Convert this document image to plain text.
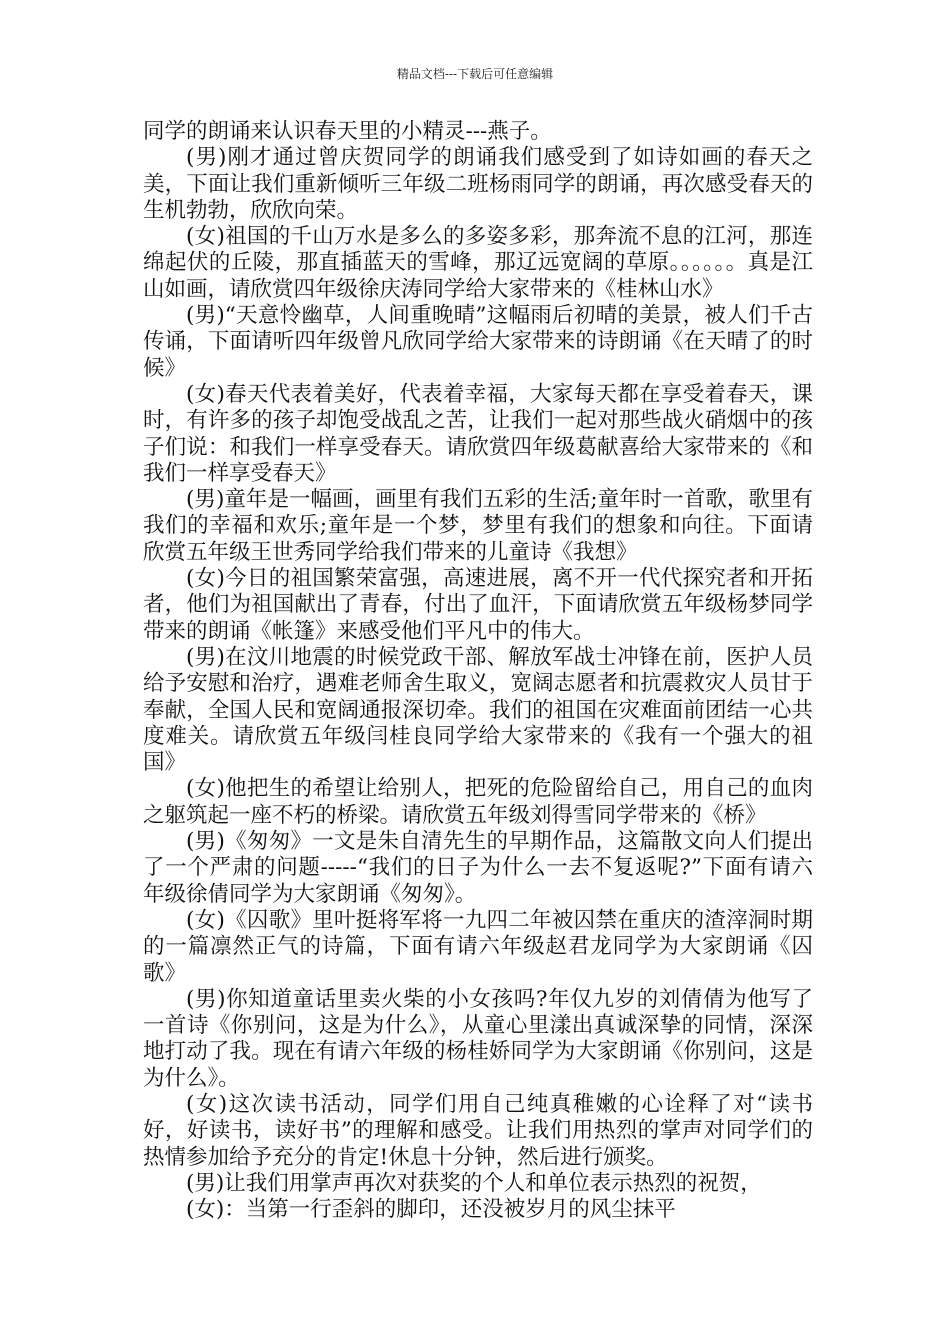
精品文档---下载后可任意编辑

同学的朗诵来认识春天里的小精灵---燕子。

(男)刚才通过曾庆贺同学的朗诵我们感受到了如诗如画的春天之美，下面让我们重新倾听三年级二班杨雨同学的朗诵，再次感受春天的生机勃勃，欣欣向荣。

(女)祖国的千山万水是多么的多姿多彩，那奔流不息的江河，那连绵起伏的丘陵，那直插蓝天的雪峰，那辽远宽阔的草原。。。。。。真是江山如画，请欣赏四年级徐庆涛同学给大家带来的《桂林山水》

(男)“天意怜幽草，人间重晚晴”这幅雨后初晴的美景，被人们千古传诵，下面请听四年级曾凡欣同学给大家带来的诗朗诵《在天晴了的时候》

(女)春天代表着美好，代表着幸福，大家每天都在享受着春天，课时，有许多的孩子却饱受战乱之苦，让我们一起对那些战火硝烟中的孩子们说：和我们一样享受春天。请欣赏四年级葛献喜给大家带来的《和我们一样享受春天》

(男)童年是一幅画，画里有我们五彩的生活;童年时一首歌，歌里有我们的幸福和欢乐;童年是一个梦，梦里有我们的想象和向往。下面请欣赏五年级王世秀同学给我们带来的儿童诗《我想》

(女)今日的祖国繁荣富强，高速进展，离不开一代代探究者和开拓者，他们为祖国献出了青春，付出了血汗，下面请欣赏五年级杨梦同学带来的朗诵《帐篷》来感受他们平凡中的伟大。

(男)在汶川地震的时候党政干部、解放军战士冲锋在前，医护人员给予安慰和治疗，遇难老师舍生取义，宽阔志愿者和抗震救灾人员甘于奉献，全国人民和宽阔通报深切牵。我们的祖国在灾难面前团结一心共度难关。请欣赏五年级闫桂良同学给大家带来的《我有一个强大的祖国》

(女)他把生的希望让给别人，把死的危险留给自己，用自己的血肉之躯筑起一座不朽的桥梁。请欣赏五年级刘得雪同学带来的《桥》

(男)《匆匆》一文是朱自清先生的早期作品，这篇散文向人们提出了一个严肃的问题-----“我们的日子为什么一去不复返呢?”下面有请六年级徐倩同学为大家朗诵《匆匆》。

(女)《囚歌》里叶挺将军将一九四二年被囚禁在重庆的渣滓洞时期的一篇凛然正气的诗篇，下面有请六年级赵君龙同学为大家朗诵《囚歌》

(男)你知道童话里卖火柴的小女孩吗?年仅九岁的刘倩倩为他写了一首诗《你别问，这是为什么》，从童心里漾出真诚深挚的同情，深深地打动了我。现在有请六年级的杨桂娇同学为大家朗诵《你别问，这是为什么》。

(女)这次读书活动，同学们用自己纯真稚嫩的心诠释了对“读书好，好读书，读好书”的理解和感受。让我们用热烈的掌声对同学们的热情参加给予充分的肯定!休息十分钟，然后进行颁奖。

(男)让我们用掌声再次对获奖的个人和单位表示热烈的祝贺，

(女)：当第一行歪斜的脚印，还没被岁月的风尘抹平
